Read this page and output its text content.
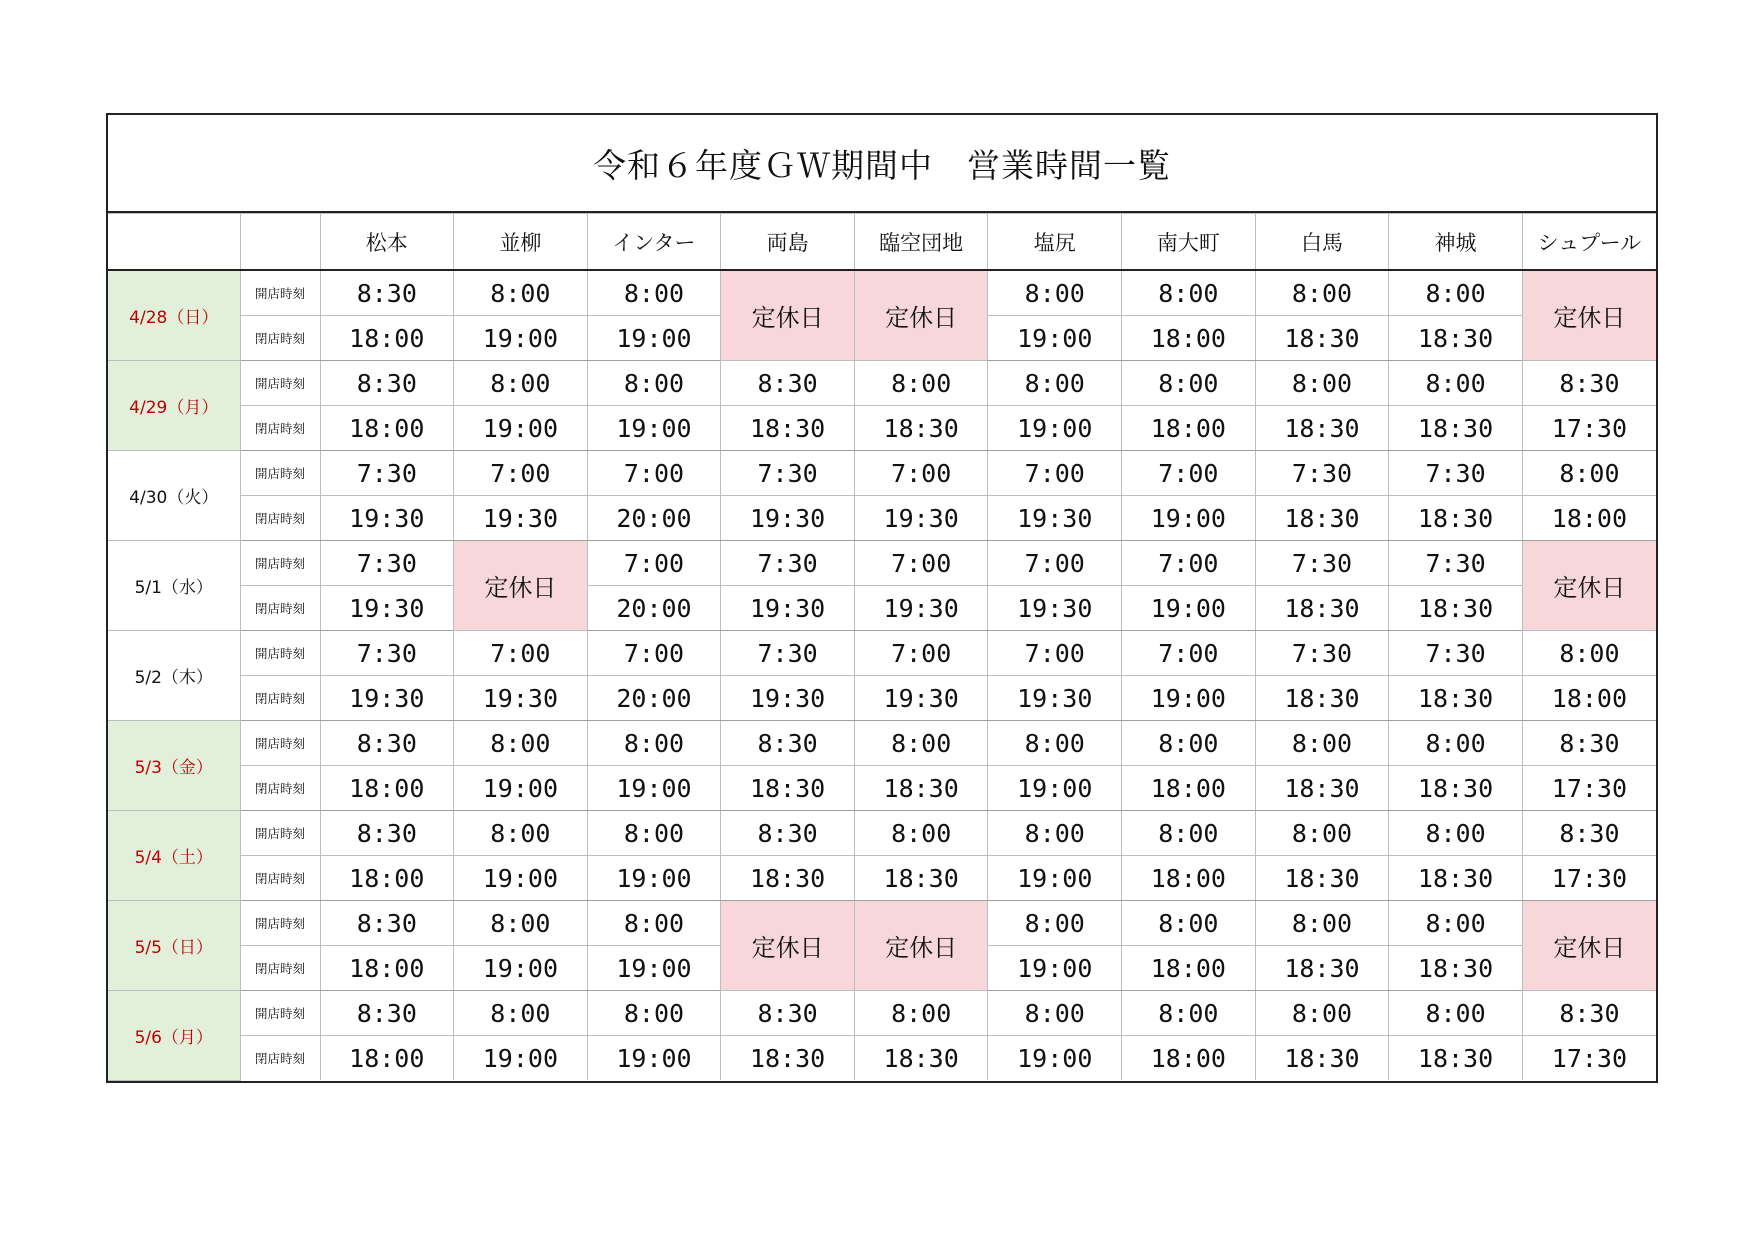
令和６年度ＧＷ期間中　営業時間一覧
		松本	並柳	インター	両島	臨空団地	塩尻	南大町	白馬	神城	シュプール
4/28（日）	開店時刻	8:30	8:00	8:00	定休日	定休日	8:00	8:00	8:00	8:00	定休日
	閉店時刻	18:00	19:00	19:00			19:00	18:00	18:30	18:30	
4/29（月）	開店時刻	8:30	8:00	8:00	8:30	8:00	8:00	8:00	8:00	8:00	8:30
	閉店時刻	18:00	19:00	19:00	18:30	18:30	19:00	18:00	18:30	18:30	17:30
4/30（火）	開店時刻	7:30	7:00	7:00	7:30	7:00	7:00	7:00	7:30	7:30	8:00
	閉店時刻	19:30	19:30	20:00	19:30	19:30	19:30	19:00	18:30	18:30	18:00
5/1（水）	開店時刻	7:30	定休日	7:00	7:30	7:00	7:00	7:00	7:30	7:30	定休日
	閉店時刻	19:30		20:00	19:30	19:30	19:30	19:00	18:30	18:30	
5/2（木）	開店時刻	7:30	7:00	7:00	7:30	7:00	7:00	7:00	7:30	7:30	8:00
	閉店時刻	19:30	19:30	20:00	19:30	19:30	19:30	19:00	18:30	18:30	18:00
5/3（金）	開店時刻	8:30	8:00	8:00	8:30	8:00	8:00	8:00	8:00	8:00	8:30
	閉店時刻	18:00	19:00	19:00	18:30	18:30	19:00	18:00	18:30	18:30	17:30
5/4（土）	開店時刻	8:30	8:00	8:00	8:30	8:00	8:00	8:00	8:00	8:00	8:30
	閉店時刻	18:00	19:00	19:00	18:30	18:30	19:00	18:00	18:30	18:30	17:30
5/5（日）	開店時刻	8:30	8:00	8:00	定休日	定休日	8:00	8:00	8:00	8:00	定休日
	閉店時刻	18:00	19:00	19:00			19:00	18:00	18:30	18:30	
5/6（月）	開店時刻	8:30	8:00	8:00	8:30	8:00	8:00	8:00	8:00	8:00	8:30
	閉店時刻	18:00	19:00	19:00	18:30	18:30	19:00	18:00	18:30	18:30	17:30
